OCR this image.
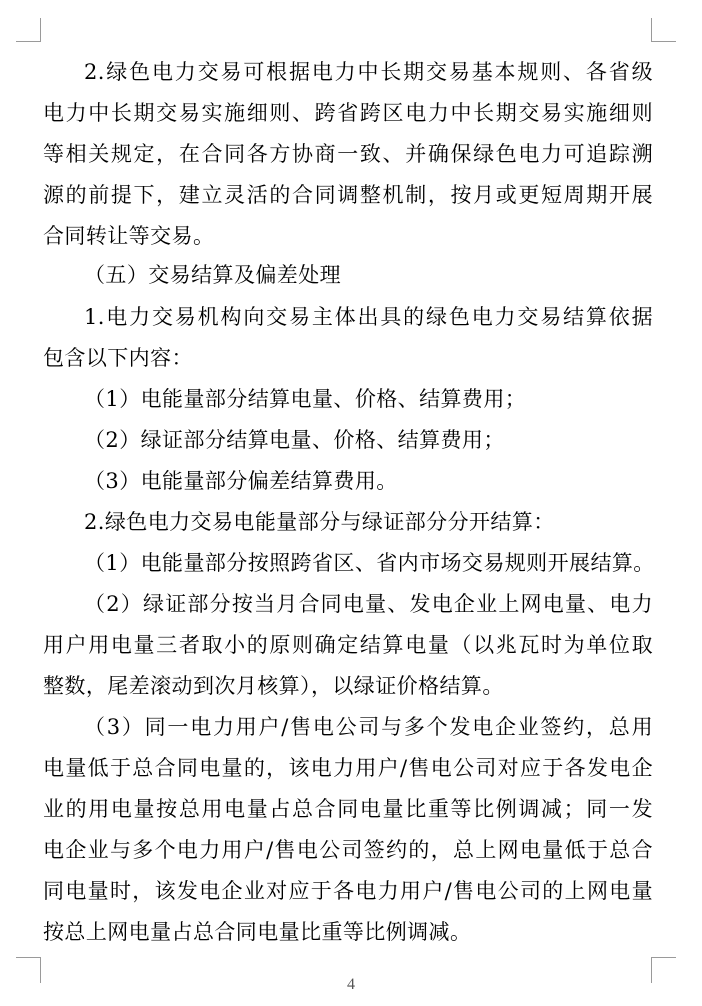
2.绿色电力交易可根据电力中长期交易基本规则、各省级
电力中长期交易实施细则、跨省跨区电力中长期交易实施细则
等相关规定，在合同各方协商一致、并确保绿色电力可追踪溯
源的前提下，建立灵活的合同调整机制，按月或更短周期开展
合同转让等交易。
（五）交易结算及偏差处理
1.电力交易机构向交易主体出具的绿色电力交易结算依据
包含以下内容：
（1）电能量部分结算电量、价格、结算费用；
（2）绿证部分结算电量、价格、结算费用；
（3）电能量部分偏差结算费用。
2.绿色电力交易电能量部分与绿证部分分开结算：
（1）电能量部分按照跨省区、省内市场交易规则开展结算。
（2）绿证部分按当月合同电量、发电企业上网电量、电力
用户用电量三者取小的原则确定结算电量（以兆瓦时为单位取
整数，尾差滚动到次月核算），以绿证价格结算。
（3）同一电力用户/售电公司与多个发电企业签约，总用
电量低于总合同电量的，该电力用户/售电公司对应于各发电企
业的用电量按总用电量占总合同电量比重等比例调减；同一发
电企业与多个电力用户/售电公司签约的，总上网电量低于总合
同电量时，该发电企业对应于各电力用户/售电公司的上网电量
按总上网电量占总合同电量比重等比例调减。
4
